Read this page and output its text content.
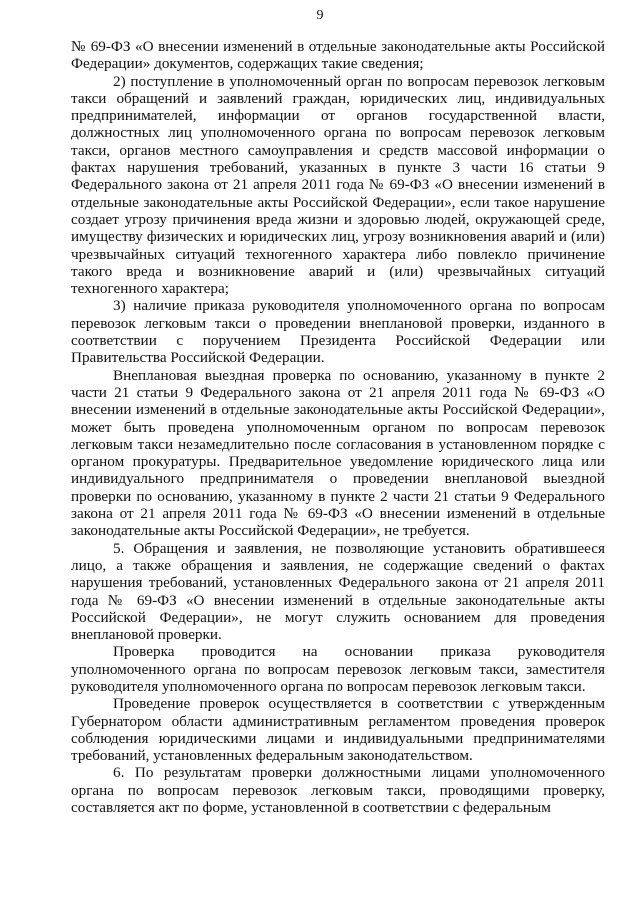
9

№ 69-ФЗ «О внесении изменений в отдельные законодательные акты Российской Федерации» документов, содержащих такие сведения;

2) поступление в уполномоченный орган по вопросам перевозок легковым такси обращений и заявлений граждан, юридических лиц, индивидуальных предпринимателей, информации от органов государственной власти, должностных лиц уполномоченного органа по вопросам перевозок легковым такси, органов местного самоуправления и средств массовой информации о фактах нарушения требований, указанных в пункте 3 части 16 статьи 9 Федерального закона от 21 апреля 2011 года № 69-ФЗ «О внесении изменений в отдельные законодательные акты Российской Федерации», если такое нарушение создает угрозу причинения вреда жизни и здоровью людей, окружающей среде, имуществу физических и юридических лиц, угрозу возникновения аварий и (или) чрезвычайных ситуаций техногенного характера либо повлекло причинение такого вреда и возникновение аварий и (или) чрезвычайных ситуаций техногенного характера;

3) наличие приказа руководителя уполномоченного органа по вопросам перевозок легковым такси о проведении внеплановой проверки, изданного в соответствии с поручением Президента Российской Федерации или Правительства Российской Федерации.

Внеплановая выездная проверка по основанию, указанному в пункте 2 части 21 статьи 9 Федерального закона от 21 апреля 2011 года № 69-ФЗ «О внесении изменений в отдельные законодательные акты Российской Федерации», может быть проведена уполномоченным органом по вопросам перевозок легковым такси незамедлительно после согласования в установленном порядке с органом прокуратуры. Предварительное уведомление юридического лица или индивидуального предпринимателя о проведении внеплановой выездной проверки по основанию, указанному в пункте 2 части 21 статьи 9 Федерального закона от 21 апреля 2011 года № 69-ФЗ «О внесении изменений в отдельные законодательные акты Российской Федерации», не требуется.

5. Обращения и заявления, не позволяющие установить обратившееся лицо, а также обращения и заявления, не содержащие сведений о фактах нарушения требований, установленных Федерального закона от 21 апреля 2011 года № 69-ФЗ «О внесении изменений в отдельные законодательные акты Российской Федерации», не могут служить основанием для проведения внеплановой проверки.

Проверка проводится на основании приказа руководителя уполномоченного органа по вопросам перевозок легковым такси, заместителя руководителя уполномоченного органа по вопросам перевозок легковым такси.

Проведение проверок осуществляется в соответствии с утвержденным Губернатором области административным регламентом проведения проверок соблюдения юридическими лицами и индивидуальными предпринимателями требований, установленных федеральным законодательством.

6. По результатам проверки должностными лицами уполномоченного органа по вопросам перевозок легковым такси, проводящими проверку, составляется акт по форме, установленной в соответствии с федеральным
